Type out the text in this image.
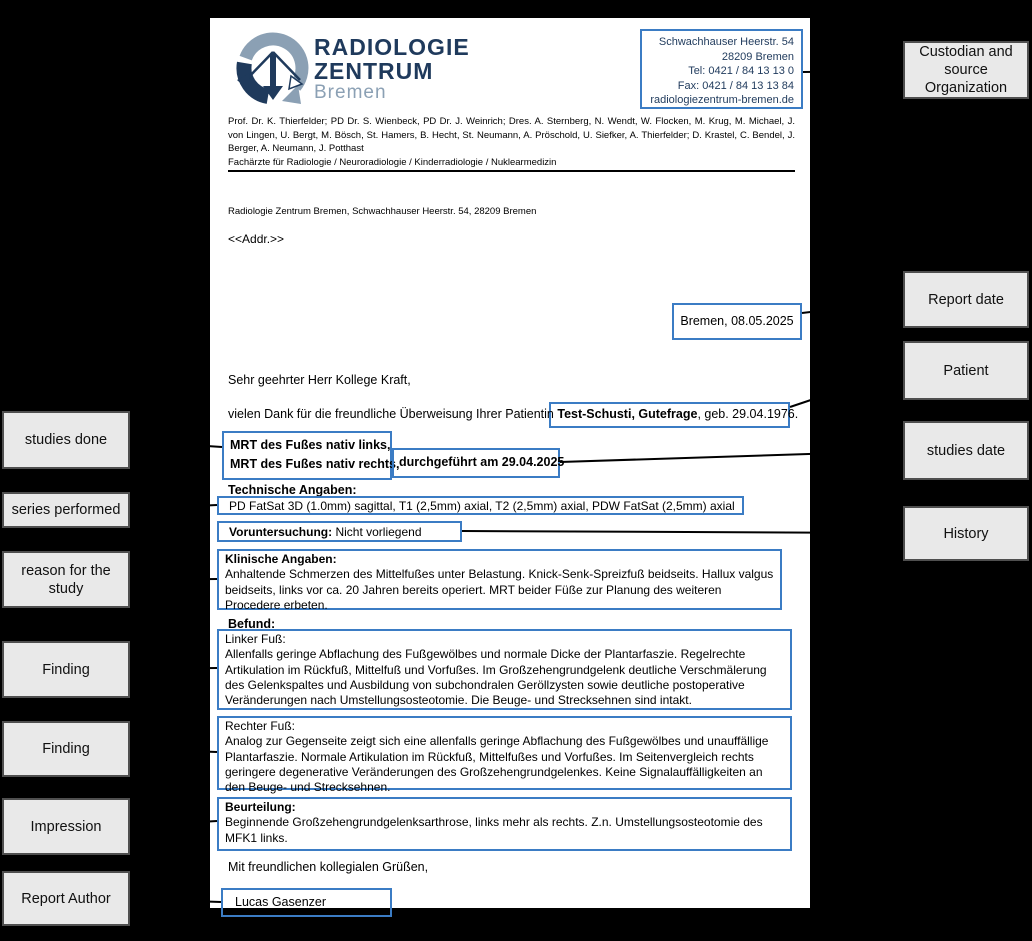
RADIOLOGIE
ZENTRUM
Bremen
Schwachhauser Heerstr. 54
28209 Bremen
Tel: 0421 / 84 13 13 0
Fax: 0421 / 84 13 13 84
radiologiezentrum-bremen.de
Prof. Dr. K. Thierfelder; PD Dr. S. Wienbeck, PD Dr. J. Weinrich; Dres. A. Sternberg, N. Wendt, W. Flocken, M. Krug, M. Michael, J. von Lingen, U. Bergt, M. Bösch, St. Hamers, B. Hecht, St. Neumann, A. Pröschold, U. Siefker, A. Thierfelder; D. Krastel, C. Bendel, J. Berger, A. Neumann, J. Potthast
Fachärzte für Radiologie / Neuroradiologie / Kinderradiologie / Nuklearmedizin
Radiologie Zentrum Bremen, Schwachhauser Heerstr. 54, 28209 Bremen
<<Addr.>>
Bremen, 08.05.2025
Sehr geehrter Herr Kollege Kraft,
vielen Dank für die freundliche Überweisung Ihrer Patientin Test-Schusti, Gutefrage, geb. 29.04.1976.
MRT des Fußes nativ links,
MRT des Fußes nativ rechts, durchgeführt am 29.04.2025
Technische Angaben:
PD FatSat 3D (1.0mm) sagittal, T1 (2,5mm) axial, T2 (2,5mm) axial, PDW FatSat (2,5mm) axial
Voruntersuchung: Nicht vorliegend
Klinische Angaben:
Anhaltende Schmerzen des Mittelfußes unter Belastung. Knick-Senk-Spreizfuß beidseits. Hallux valgus beidseits, links vor ca. 20 Jahren bereits operiert. MRT beider Füße zur Planung des weiteren Procedere erbeten.
Befund:
Linker Fuß:
Allenfalls geringe Abflachung des Fußgewölbes und normale Dicke der Plantarfaszie. Regelrechte Artikulation im Rückfuß, Mittelfuß und Vorfußes. Im Großzehengrundgelenk deutliche Verschmälerung des Gelenkspaltes und Ausbildung von subchondralen Geröllzysten sowie deutliche postoperative Veränderungen nach Umstellungsosteotomie. Die Beuge- und Strecksehnen sind intakt.
Rechter Fuß:
Analog zur Gegenseite zeigt sich eine allenfalls geringe Abflachung des Fußgewölbes und unauffällige Plantarfaszie. Normale Artikulation im Rückfuß, Mittelfußes und Vorfußes. Im Seitenvergleich rechts geringere degenerative Veränderungen des Großzehengrundgelenkes. Keine Signalauffälligkeiten an den Beuge- und Strecksehnen.
Beurteilung:
Beginnende Großzehengrundgelenksarthrose, links mehr als rechts. Z.n. Umstellungsosteotomie des MFK1 links.
Mit freundlichen kollegialen Grüßen,
Lucas Gasenzer
studies done
series performed
reason for the study
Finding
Finding
Impression
Report Author
Custodian and source Organization
Report date
Patient
studies date
History
